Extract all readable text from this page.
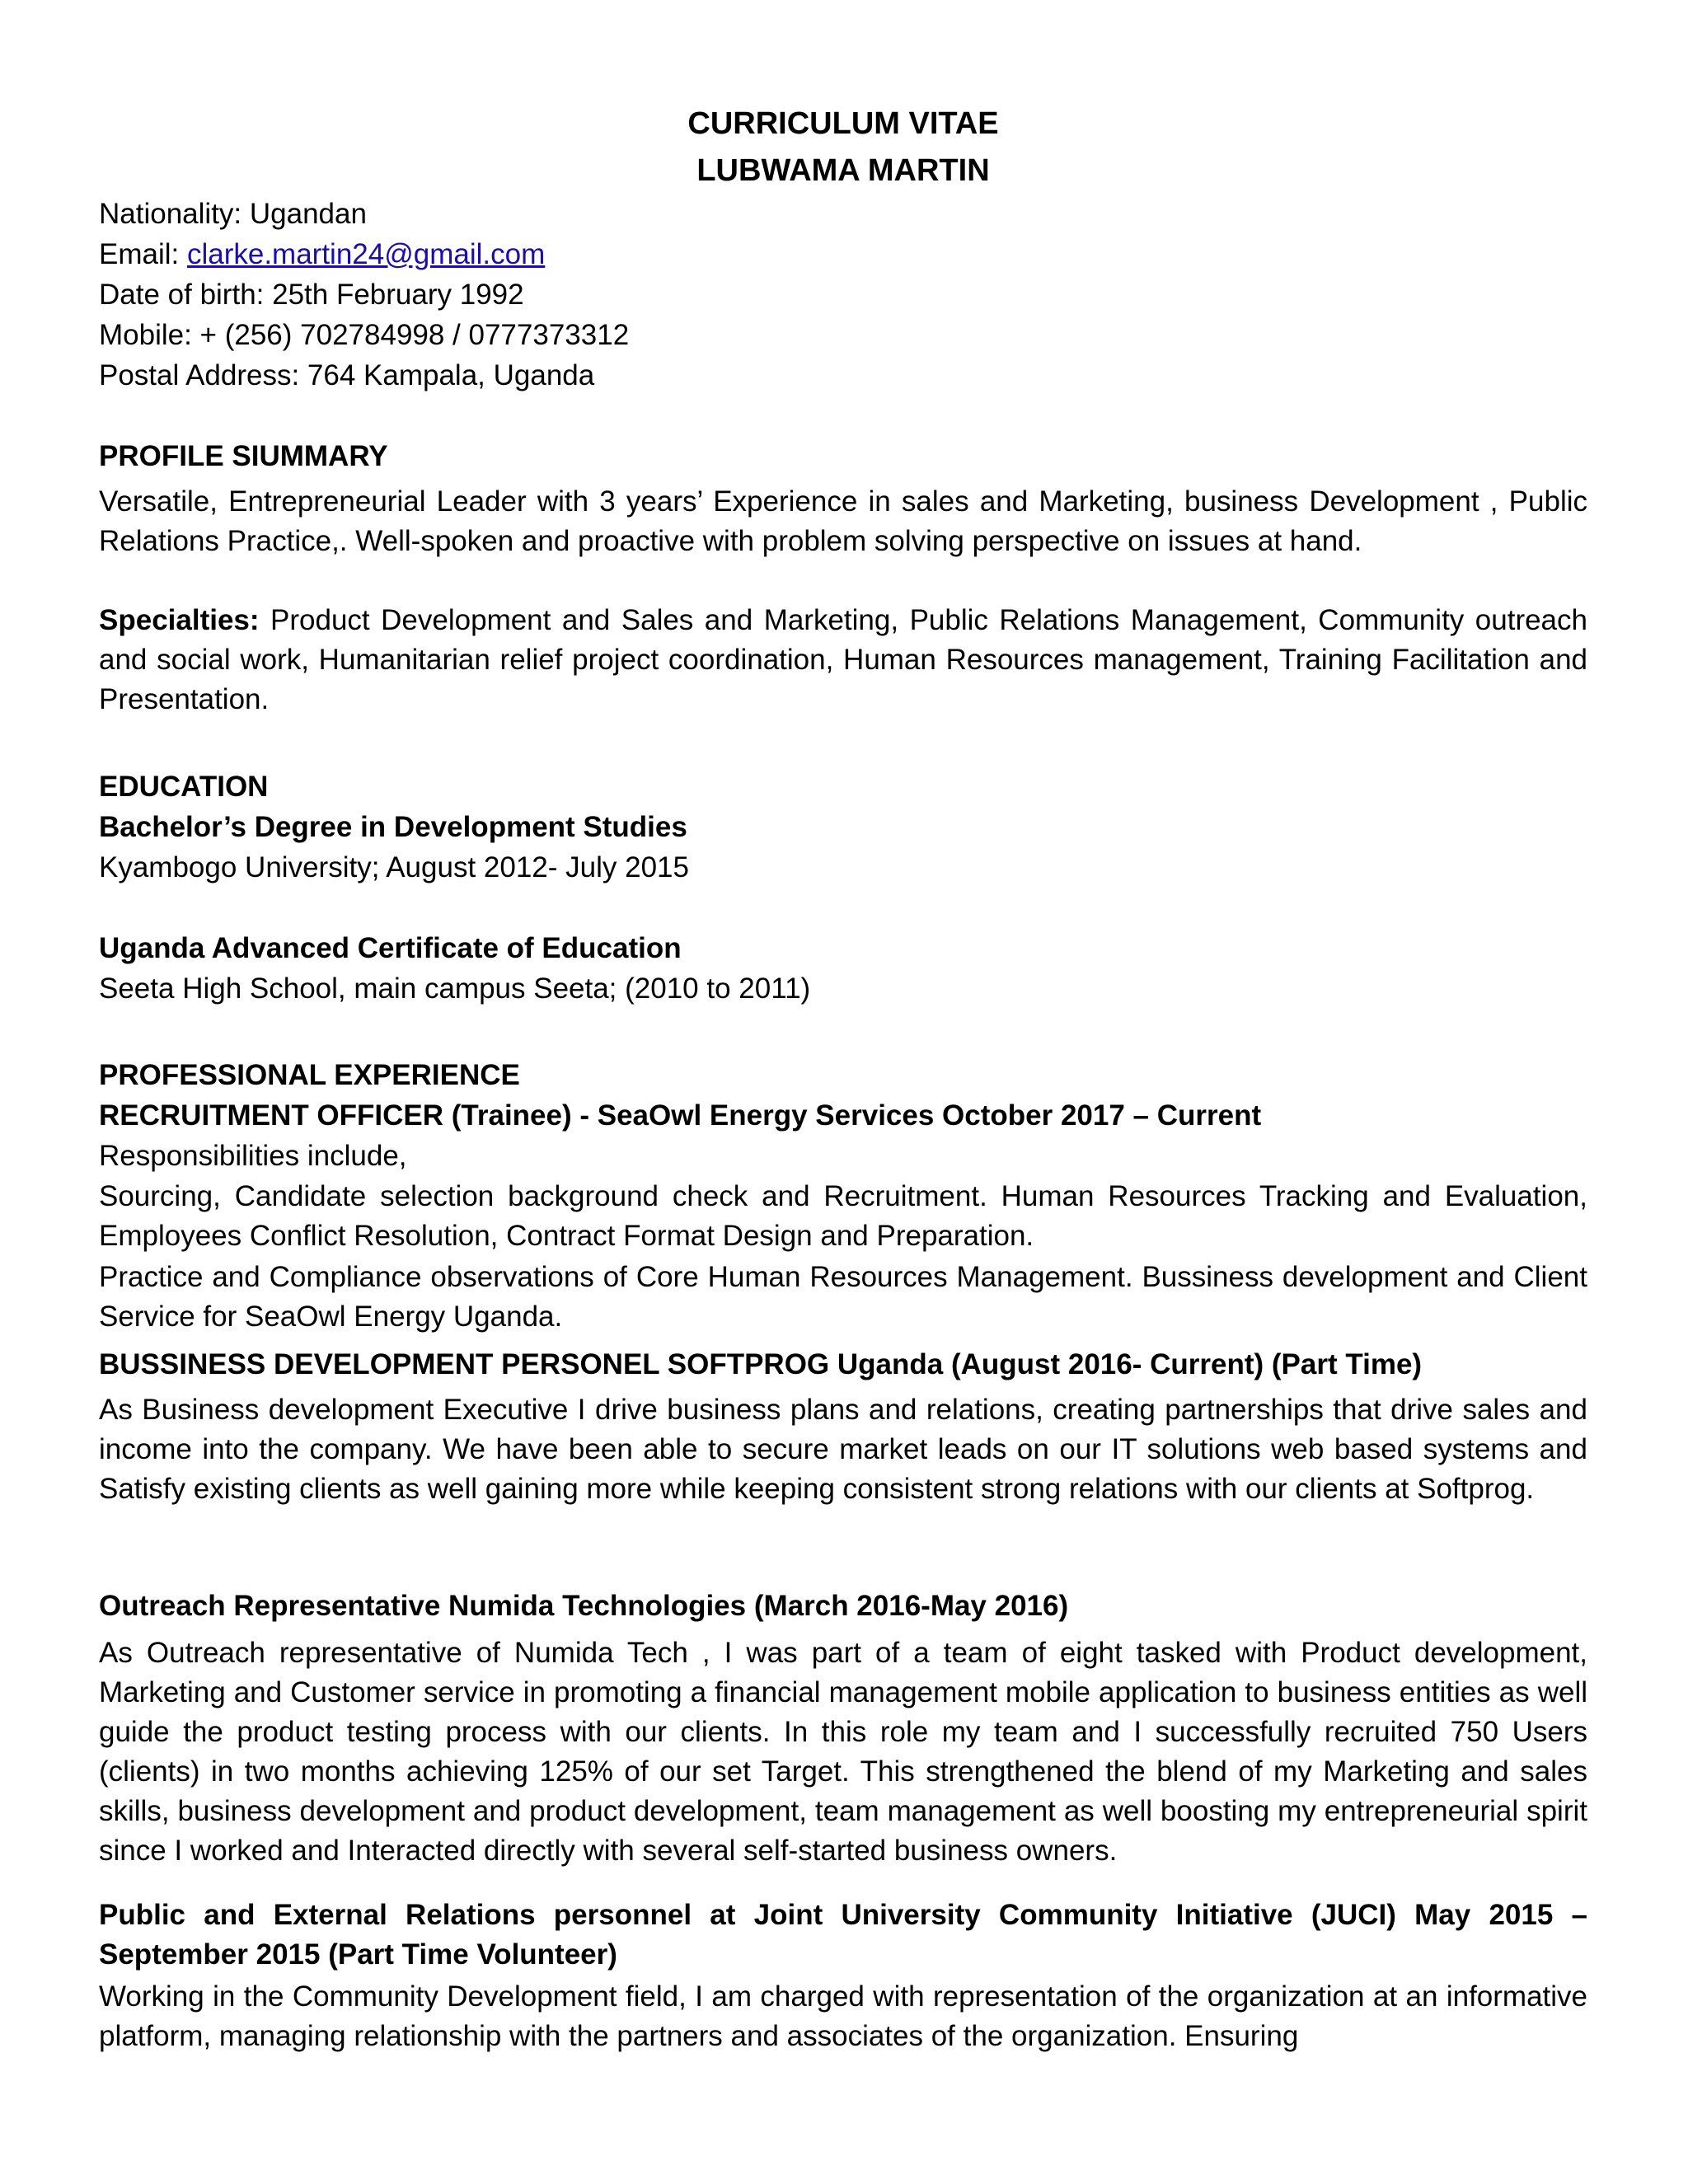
CURRICULUM VITAE
LUBWAMA MARTIN
Nationality: Ugandan
Email: clarke.martin24@gmail.com
Date of birth: 25th February 1992
Mobile: + (256) 702784998 / 0777373312
Postal Address: 764 Kampala, Uganda
PROFILE SIUMMARY
Versatile, Entrepreneurial Leader with 3 years’ Experience in sales and Marketing, business Development , Public Relations Practice,. Well-spoken and proactive with problem solving perspective on issues at hand.
Specialties: Product Development and Sales and Marketing, Public Relations Management, Community outreach and social work, Humanitarian relief project coordination, Human Resources management, Training Facilitation and Presentation.
EDUCATION
Bachelor’s Degree in Development Studies
Kyambogo University; August 2012- July 2015
Uganda Advanced Certificate of Education
Seeta High School, main campus Seeta; (2010 to 2011)
PROFESSIONAL EXPERIENCE
RECRUITMENT OFFICER (Trainee) - SeaOwl Energy Services October 2017 – Current
Responsibilities include,
Sourcing, Candidate selection background check and Recruitment. Human Resources Tracking and Evaluation, Employees Conflict Resolution, Contract Format Design and Preparation.
Practice and Compliance observations of Core Human Resources Management. Bussiness development and Client Service for SeaOwl Energy Uganda.
BUSSINESS DEVELOPMENT PERSONEL SOFTPROG Uganda (August 2016- Current) (Part Time)
As Business development Executive I drive business plans and relations, creating partnerships that drive sales and income into the company. We have been able to secure market leads on our IT solutions web based systems and Satisfy existing clients as well gaining more while keeping consistent strong relations with our clients at Softprog.
Outreach Representative Numida Technologies (March 2016-May 2016)
As Outreach representative of Numida Tech , I was part of a team of eight tasked with Product development, Marketing and Customer service in promoting a financial management mobile application to business entities as well guide the product testing process with our clients. In this role my team and I successfully recruited 750 Users (clients) in two months achieving 125% of our set Target. This strengthened the blend of my Marketing and sales skills, business development and product development, team management as well boosting my entrepreneurial spirit since I worked and Interacted directly with several self-started business owners.
Public and External Relations personnel at Joint University Community Initiative (JUCI) May 2015 – September 2015 (Part Time Volunteer)
Working in the Community Development field, I am charged with representation of the organization at an informative platform, managing relationship with the partners and associates of the organization. Ensuring
